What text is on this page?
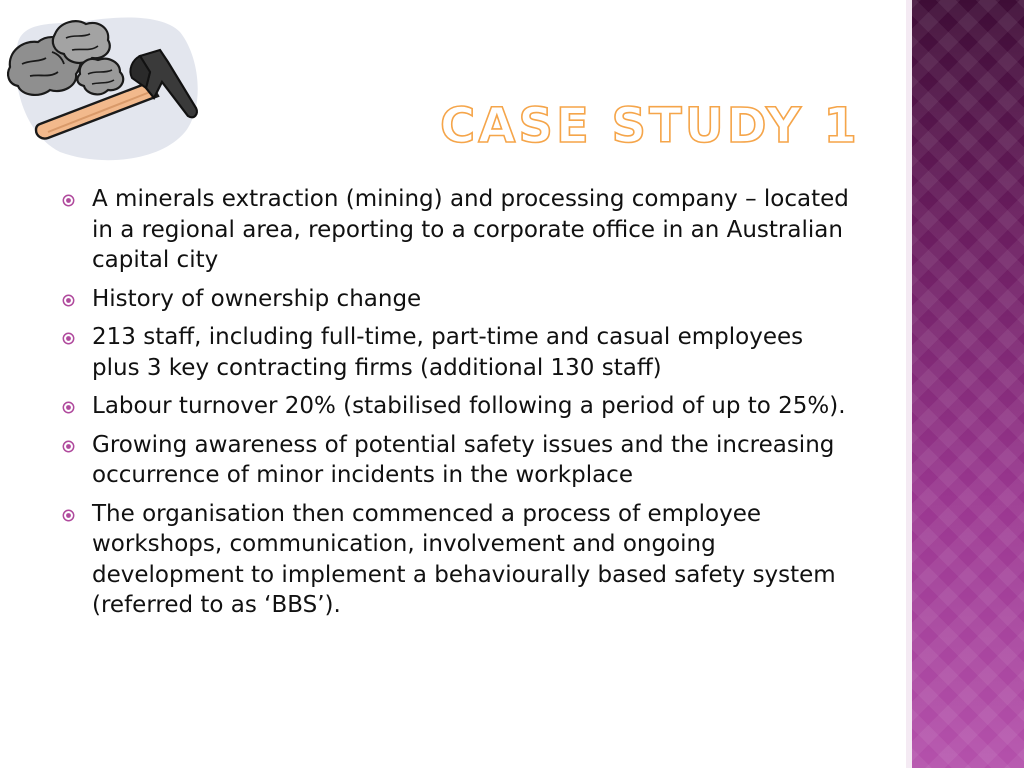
CASE STUDY 1
A minerals extraction (mining) and processing company – located in a regional area, reporting to a corporate office in an Australian capital city
History of ownership change
213 staff, including full-time, part-time and casual employees plus 3 key contracting firms (additional 130 staff)
Labour turnover 20% (stabilised following a period of up to 25%).
Growing awareness of potential safety issues and the increasing occurrence of minor incidents in the workplace
The organisation then commenced a process of employee workshops, communication, involvement and ongoing development to implement a behaviourally based safety system (referred to as ‘BBS’).
